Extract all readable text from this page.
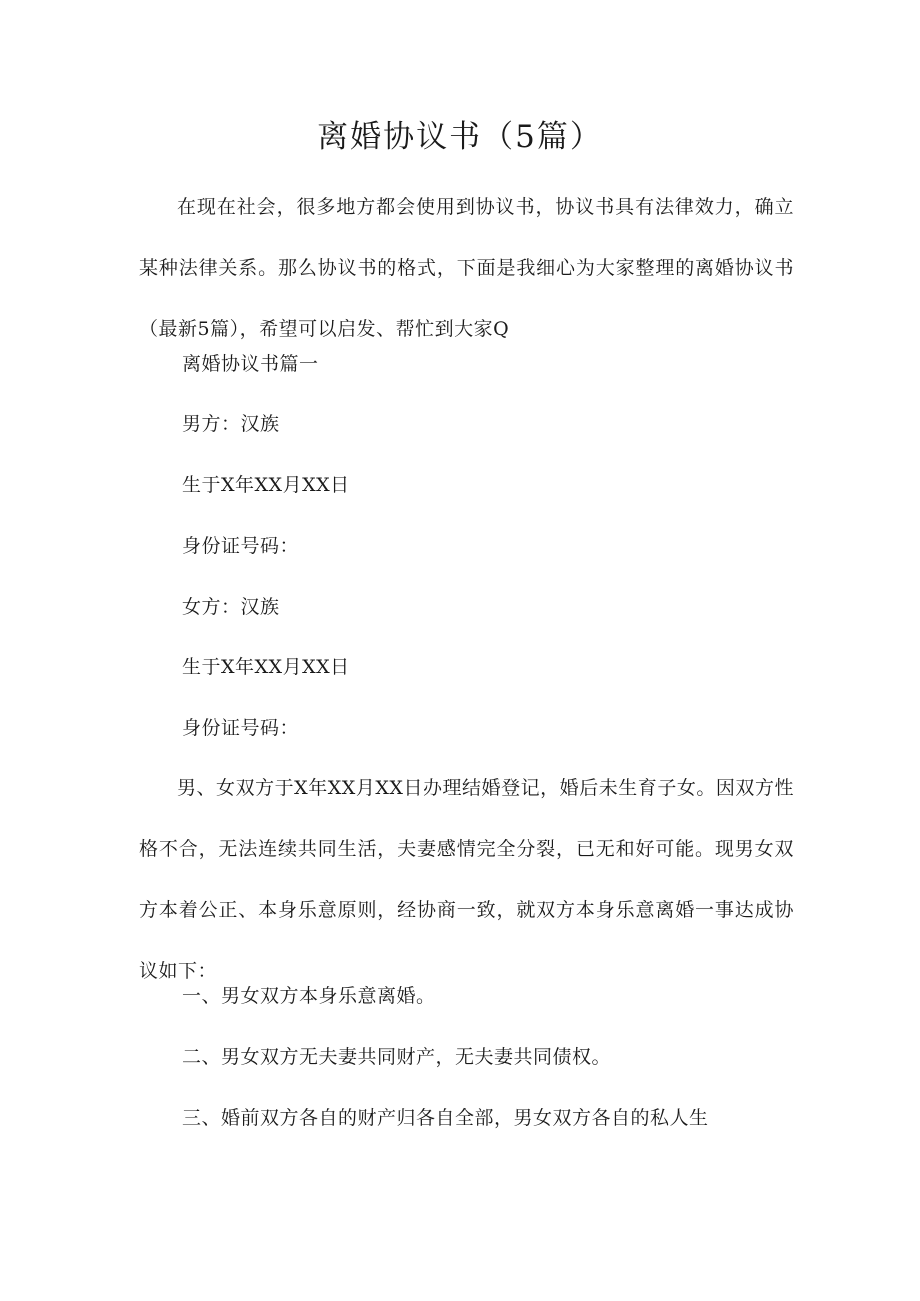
离婚协议书（5篇）

在现在社会，很多地方都会使用到协议书，协议书具有法律效力，确立某种法律关系。那么协议书的格式，下面是我细心为大家整理的离婚协议书（最新5篇），希望可以启发、帮忙到大家Q

离婚协议书篇一

男方：汉族

生于X年XX月XX日

身份证号码：

女方：汉族

生于X年XX月XX日

身份证号码：

男、女双方于X年XX月XX日办理结婚登记，婚后未生育子女。因双方性格不合，无法连续共同生活，夫妻感情完全分裂，已无和好可能。现男女双方本着公正、本身乐意原则，经协商一致，就双方本身乐意离婚一事达成协议如下：

一、男女双方本身乐意离婚。

二、男女双方无夫妻共同财产，无夫妻共同债权。

三、婚前双方各自的财产归各自全部，男女双方各自的私人生
